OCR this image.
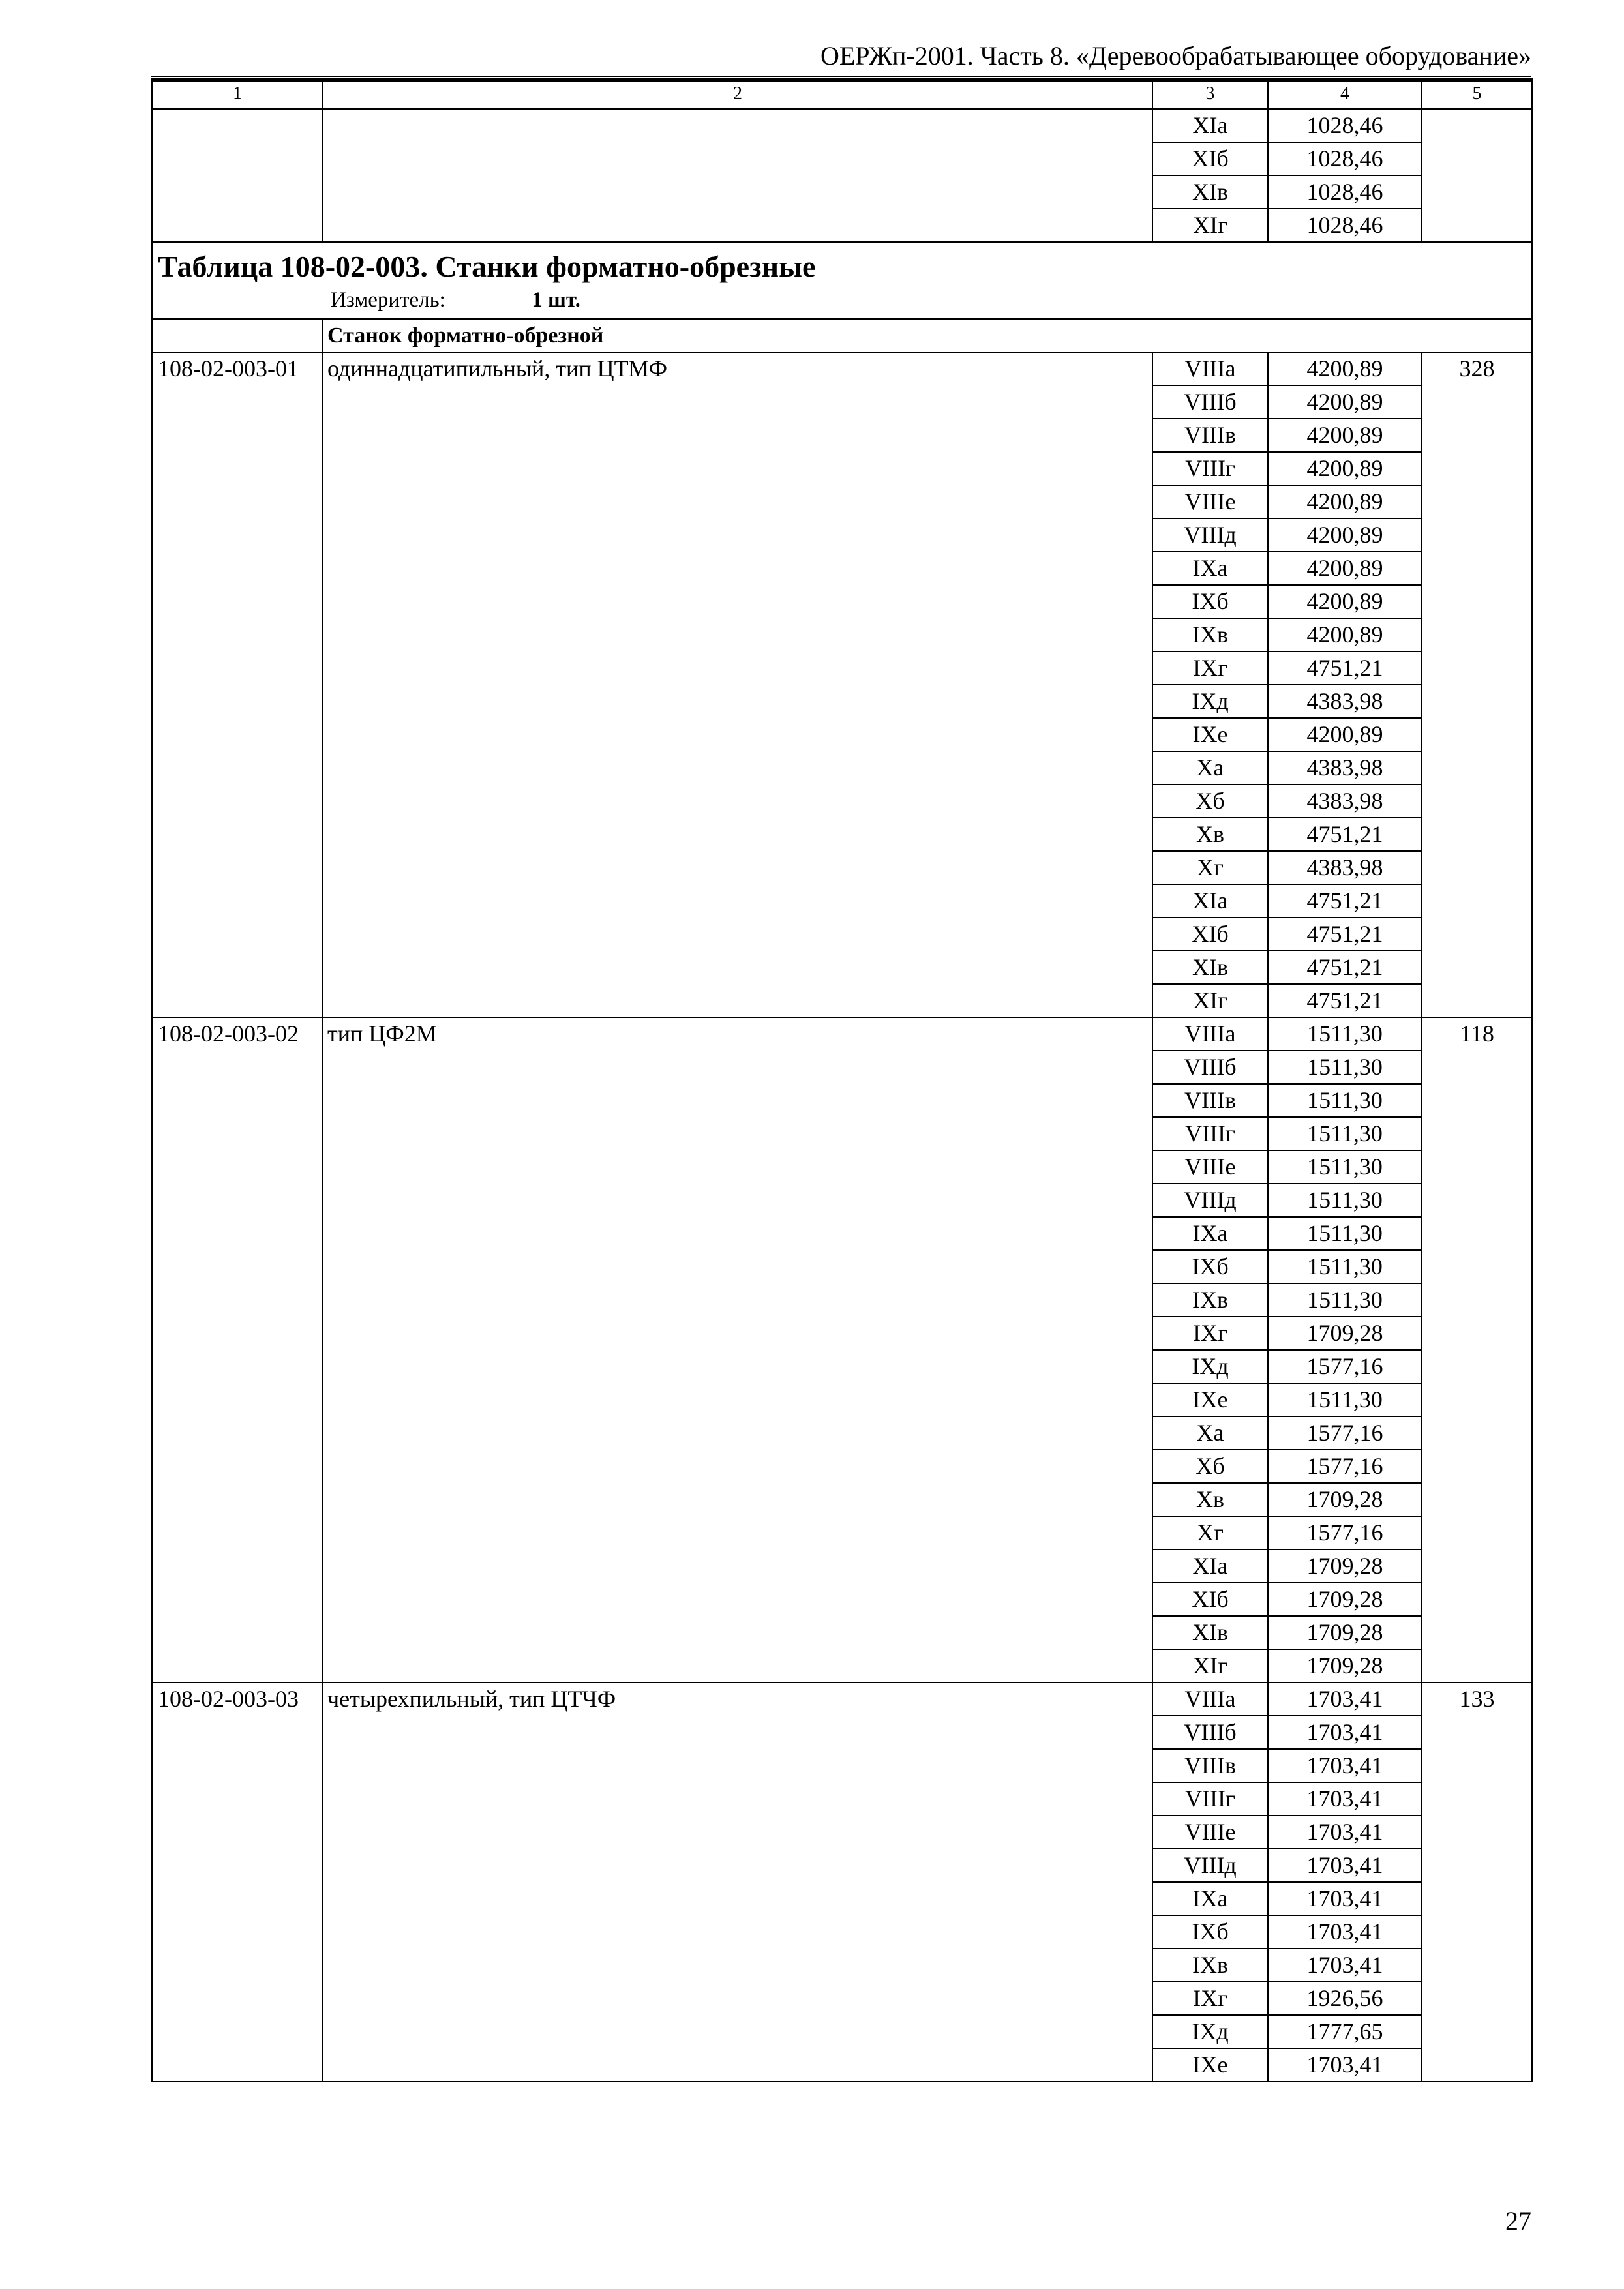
ОЕРЖп-2001. Часть 8. «Деревообрабатывающее оборудование»
1	2	3	4	5
		XIa	1028,46	
		XIб	1028,46	
		XIв	1028,46	
		XIг	1028,46	

Таблица 108-02-003. Станки форматно-обрезные
Измеритель: 1 шт.				

	Станок форматно-обрезной			
108-02-003-01	одиннадцатипильный, тип ЦТМФ	VIIIa	4200,89	328
		VIIIб	4200,89	
		VIIIв	4200,89	
		VIIIг	4200,89	
		VIIIe	4200,89	
		VIIIд	4200,89	
		IXa	4200,89	
		IXб	4200,89	
		IXв	4200,89	
		IXг	4751,21	
		IXд	4383,98	
		IXe	4200,89	
		Xa	4383,98	
		Xб	4383,98	
		Xв	4751,21	
		Xг	4383,98	
		XIa	4751,21	
		XIб	4751,21	
		XIв	4751,21	
		XIг	4751,21	
108-02-003-02	тип ЦФ2М	VIIIa	1511,30	118
		VIIIб	1511,30	
		VIIIв	1511,30	
		VIIIг	1511,30	
		VIIIe	1511,30	
		VIIIд	1511,30	
		IXa	1511,30	
		IXб	1511,30	
		IXв	1511,30	
		IXг	1709,28	
		IXд	1577,16	
		IXe	1511,30	
		Xa	1577,16	
		Xб	1577,16	
		Xв	1709,28	
		Xг	1577,16	
		XIa	1709,28	
		XIб	1709,28	
		XIв	1709,28	
		XIг	1709,28	
108-02-003-03	четырехпильный, тип ЦТЧФ	VIIIa	1703,41	133
		VIIIб	1703,41	
		VIIIв	1703,41	
		VIIIг	1703,41	
		VIIIe	1703,41	
		VIIIд	1703,41	
		IXa	1703,41	
		IXб	1703,41	
		IXв	1703,41	
		IXг	1926,56	
		IXд	1777,65	
		IXe	1703,41	
27
